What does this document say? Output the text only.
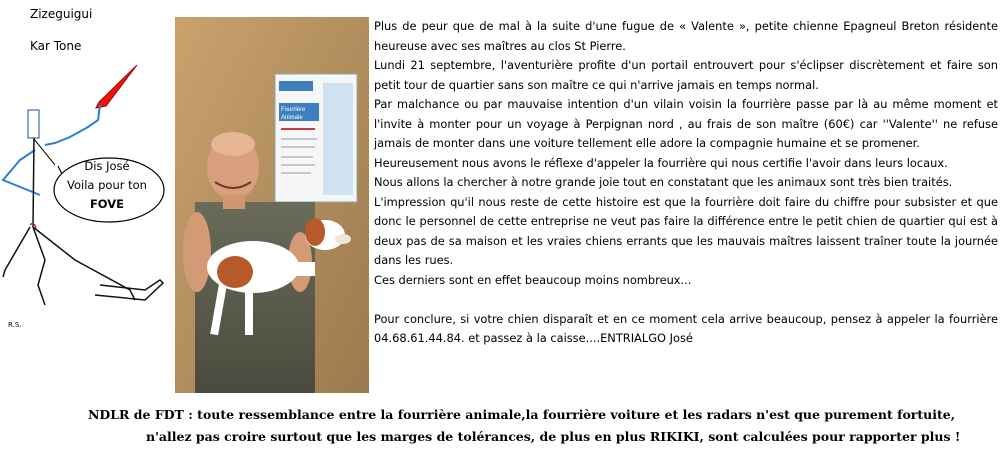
Zizeguigui
Kar Tone
R.S.
Dis José
Voila pour ton
FOVE
Fourrière
Animale

Plus de peur que de mal à la suite d'une fugue de « Valente », petite chienne Epagneul Breton résidente heureuse avec ses maîtres au clos St Pierre.

Lundi 21 septembre, l'aventurière profite d'un portail entrouvert pour s'éclipser discrètement et faire son petit tour de quartier sans son maître ce qui n'arrive jamais en temps normal.

Par malchance ou par mauvaise intention d'un vilain voisin la fourrière passe par là au même moment et l'invite à monter pour un voyage à Perpignan nord , au frais de son maître (60€) car ''Valente'' ne refuse jamais de monter dans une voiture tellement elle adore la compagnie humaine et se promener.

Heureusement nous avons le réflexe d'appeler la fourrière qui nous certifie l'avoir dans leurs locaux.

Nous allons la chercher à notre grande joie tout en constatant que les animaux sont très bien traités.

L'impression qu'il nous reste de cette histoire est que la fourrière doit faire du chiffre pour subsister et que donc le personnel de cette entreprise ne veut pas faire la différence entre le petit chien de quartier qui est à deux pas de sa maison et les vraies chiens errants que les mauvais maîtres laissent traîner toute la journée dans les rues.

Ces derniers sont en effet beaucoup moins nombreux...

Pour conclure, si votre chien disparaît et en ce moment cela arrive beaucoup, pensez à appeler la fourrière 04.68.61.44.84. et passez à la caisse....ENTRIALGO José

NDLR de FDT : toute ressemblance entre la fourrière animale,la fourrière voiture et les radars n'est que purement fortuite,
n'allez pas croire surtout que les marges de tolérances, de plus en plus RIKIKI, sont calculées pour rapporter plus !
